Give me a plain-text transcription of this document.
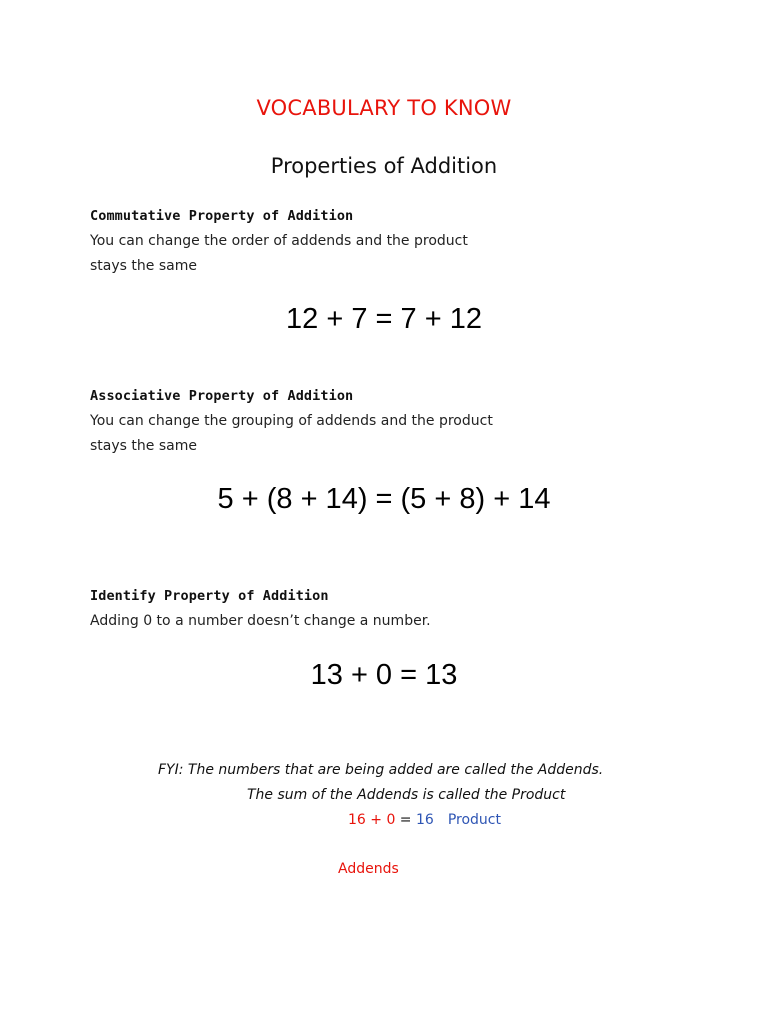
VOCABULARY TO KNOW
Properties of Addition
Commutative Property of Addition
You can change the order of addends and the product
stays the same
12 + 7 = 7 + 12
Associative Property of Addition
You can change the grouping of addends and the product
stays the same
5 + (8 + 14) = (5 + 8) + 14
Identify Property of Addition
Adding 0 to a number doesn’t change a number.
13 + 0 = 13
FYI: The numbers that are being added are called the Addends.
The sum of the Addends is called the Product
16 + 0 = 16 Product
Addends
